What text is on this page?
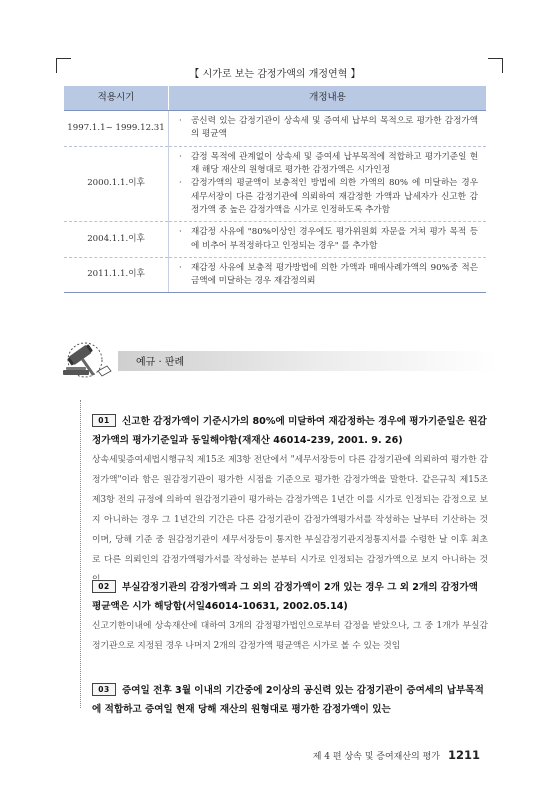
【 시가로 보는 감정가액의 개정연혁 】
적용시기	개정내용
1997.1.1~ 1999.12.31	· 공신력 있는 감정기관이 상속세 및 증여세 납부의 목적으로 평가한 감정가액의 평균액

2000.1.1.이후	· 감정 목적에 관계없이 상속세 및 증여세 납부목적에 적합하고 평가기준일 현재 해당 재산의 원형대로 평가한 감정가액은 시가인정
· 감정가액의 평균액이 보충적인 방법에 의한 가액의 80% 에 미달하는 경우 세무서장이 다른 감정기관에 의뢰하여 재감정한 가액과 납세자가 신고한 감정가액 중 높은 감정가액을 시가로 인정하도록 추가함

2004.1.1.이후	· 재감정 사유에 "80%이상인 경우에도 평가위원회 자문을 거쳐 평가 목적 등에 비추어 부적정하다고 인정되는 경우" 를 추가함

2011.1.1.이후	· 재감정 사유에 보충적 평가방법에 의한 가액과 매매사례가액의 90%중 적은 금액에 미달하는 경우 재감정의뢰
예규 · 판례
01 신고한 감정가액이 기준시가의 80%에 미달하여 재감정하는 경우에 평가기준일은 원감정가액의 평가기준일과 동일해야함(재재산 46014-239, 2001. 9. 26)
상속세및증여세법시행규칙 제15조 제3항 전단에서 "세무서장등이 다른 감정기관에 의뢰하여 평가한 감정가액"이라 함은 원감정기관이 평가한 시점을 기준으로 평가한 감정가액을 말한다. 같은규칙 제15조 제3항 전의 규정에 의하여 원감정기관이 평가하는 감정가액은 1년간 이를 시가로 인정되는 감정으로 보지 아니하는 경우 그 1년간의 기간은 다른 감정기관이 감정가액평가서를 작성하는 날부터 기산하는 것이며, 당해 기준 중 원감정기관이 세무서장등이 통지한 부실감정기관지정통지서를 수령한 날 이후 최초로 다른 의뢰인의 감정가액평가서를 작성하는 분부터 시가로 인정되는 감정가액으로 보지 아니하는 것
02 부실감정기관의 감정가액과 그 외의 감정가액이 2개 있는 경우 그 외 2개의 감정가액 평균액은 시가 해당함(서일46014-10631, 2002.05.14)
신고기한이내에 상속재산에 대하여 3개의 감정평가법인으로부터 감정을 받았으나, 그 중 1개가 부실감정기관으로 지정된 경우 나머지 2개의 감정가액 평균액은 시가로 볼 수 있는 것임
03 증여일 전후 3월 이내의 기간중에 2이상의 공신력 있는 감정기관이 증여세의 납부목적에 적합하고 증여일 현재 당해 재산의 원형대로 평가한 감정가액이 있는
제 4 편 상속 및 증여재산의 평가 1211
